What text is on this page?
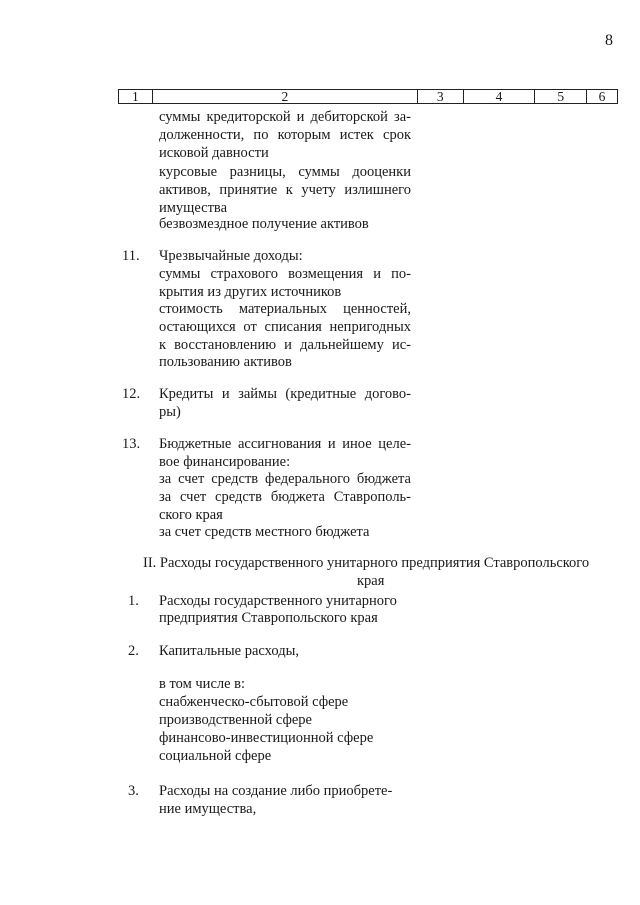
8
1	2	3	4	5	6
суммы кредиторской и дебиторской за-
долженности, по которым истек срок
исковой давности
курсовые разницы, суммы дооценки
активов, принятие к учету излишнего
имущества
безвозмездное получение активов
11. Чрезвычайные доходы:
суммы страхового возмещения и по-
крытия из других источников
стоимость материальных ценностей,
остающихся от списания непригодных
к восстановлению и дальнейшему ис-
пользованию активов
12. Кредиты и займы (кредитные догово-
ры)
13. Бюджетные ассигнования и иное целе-
вое финансирование:
за счет средств федерального бюджета
за счет средств бюджета Ставрополь-
ского края
за счет средств местного бюджета
II. Расходы государственного унитарного предприятия Ставропольского
края
1. Расходы государственного унитарного
предприятия Ставропольского края
2. Капитальные расходы,
в том числе в:
снабженческо-сбытовой сфере
производственной сфере
финансово-инвестиционной сфере
социальной сфере
3. Расходы на создание либо приобрете-
ние имущества,
